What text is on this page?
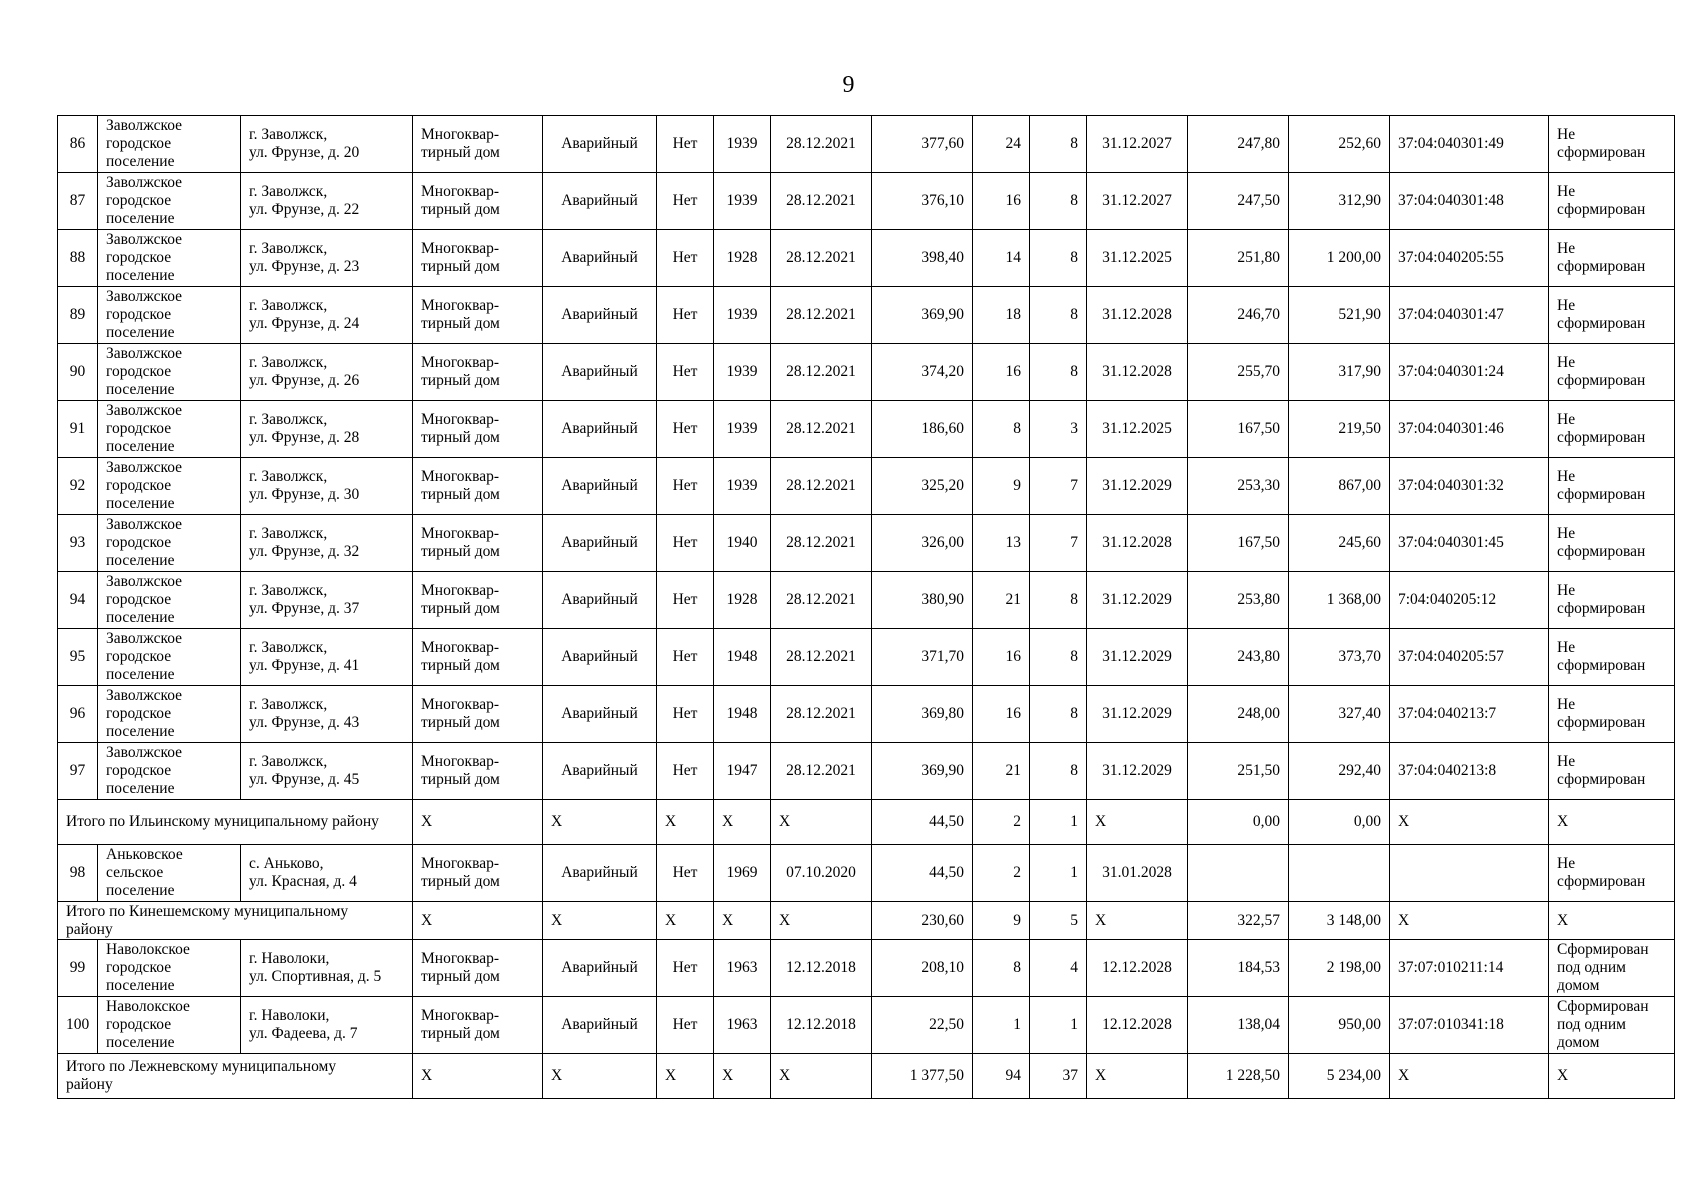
9
86	Заволжское
городское
поселение	г. Заволжск,
ул. Фрунзе, д. 20	Многоквар-
тирный дом	Аварийный	Нет	1939	28.12.2021	377,60	24	8	31.12.2027	247,80	252,60	37:04:040301:49	Не
сформирован
87	Заволжское
городское
поселение	г. Заволжск,
ул. Фрунзе, д. 22	Многоквар-
тирный дом	Аварийный	Нет	1939	28.12.2021	376,10	16	8	31.12.2027	247,50	312,90	37:04:040301:48	Не
сформирован
88	Заволжское
городское
поселение	г. Заволжск,
ул. Фрунзе, д. 23	Многоквар-
тирный дом	Аварийный	Нет	1928	28.12.2021	398,40	14	8	31.12.2025	251,80	1 200,00	37:04:040205:55	Не
сформирован
89	Заволжское
городское
поселение	г. Заволжск,
ул. Фрунзе, д. 24	Многоквар-
тирный дом	Аварийный	Нет	1939	28.12.2021	369,90	18	8	31.12.2028	246,70	521,90	37:04:040301:47	Не
сформирован
90	Заволжское
городское
поселение	г. Заволжск,
ул. Фрунзе, д. 26	Многоквар-
тирный дом	Аварийный	Нет	1939	28.12.2021	374,20	16	8	31.12.2028	255,70	317,90	37:04:040301:24	Не
сформирован
91	Заволжское
городское
поселение	г. Заволжск,
ул. Фрунзе, д. 28	Многоквар-
тирный дом	Аварийный	Нет	1939	28.12.2021	186,60	8	3	31.12.2025	167,50	219,50	37:04:040301:46	Не
сформирован
92	Заволжское
городское
поселение	г. Заволжск,
ул. Фрунзе, д. 30	Многоквар-
тирный дом	Аварийный	Нет	1939	28.12.2021	325,20	9	7	31.12.2029	253,30	867,00	37:04:040301:32	Не
сформирован
93	Заволжское
городское
поселение	г. Заволжск,
ул. Фрунзе, д. 32	Многоквар-
тирный дом	Аварийный	Нет	1940	28.12.2021	326,00	13	7	31.12.2028	167,50	245,60	37:04:040301:45	Не
сформирован
94	Заволжское
городское
поселение	г. Заволжск,
ул. Фрунзе, д. 37	Многоквар-
тирный дом	Аварийный	Нет	1928	28.12.2021	380,90	21	8	31.12.2029	253,80	1 368,00	7:04:040205:12	Не
сформирован
95	Заволжское
городское
поселение	г. Заволжск,
ул. Фрунзе, д. 41	Многоквар-
тирный дом	Аварийный	Нет	1948	28.12.2021	371,70	16	8	31.12.2029	243,80	373,70	37:04:040205:57	Не
сформирован
96	Заволжское
городское
поселение	г. Заволжск,
ул. Фрунзе, д. 43	Многоквар-
тирный дом	Аварийный	Нет	1948	28.12.2021	369,80	16	8	31.12.2029	248,00	327,40	37:04:040213:7	Не
сформирован
97	Заволжское
городское
поселение	г. Заволжск,
ул. Фрунзе, д. 45	Многоквар-
тирный дом	Аварийный	Нет	1947	28.12.2021	369,90	21	8	31.12.2029	251,50	292,40	37:04:040213:8	Не
сформирован
Итого по Ильинскому муниципальному району			X	X	X	X	X	44,50	2	1	X	0,00	0,00	X	X
98	Аньковское
сельское
поселение	с. Аньково,
ул. Красная, д. 4	Многоквар-
тирный дом	Аварийный	Нет	1969	07.10.2020	44,50	2	1	31.01.2028				Не
сформирован
Итого по Кинешемскому муниципальному
району			X	X	X	X	X	230,60	9	5	X	322,57	3 148,00	X	X
99	Наволокское
городское
поселение	г. Наволоки,
ул. Спортивная, д. 5	Многоквар-
тирный дом	Аварийный	Нет	1963	12.12.2018	208,10	8	4	12.12.2028	184,53	2 198,00	37:07:010211:14	Сформирован
под одним
домом
100	Наволокское
городское
поселение	г. Наволоки,
ул. Фадеева, д. 7	Многоквар-
тирный дом	Аварийный	Нет	1963	12.12.2018	22,50	1	1	12.12.2028	138,04	950,00	37:07:010341:18	Сформирован
под одним
домом
Итого по Лежневскому муниципальному
району			X	X	X	X	X	1 377,50	94	37	X	1 228,50	5 234,00	X	X
